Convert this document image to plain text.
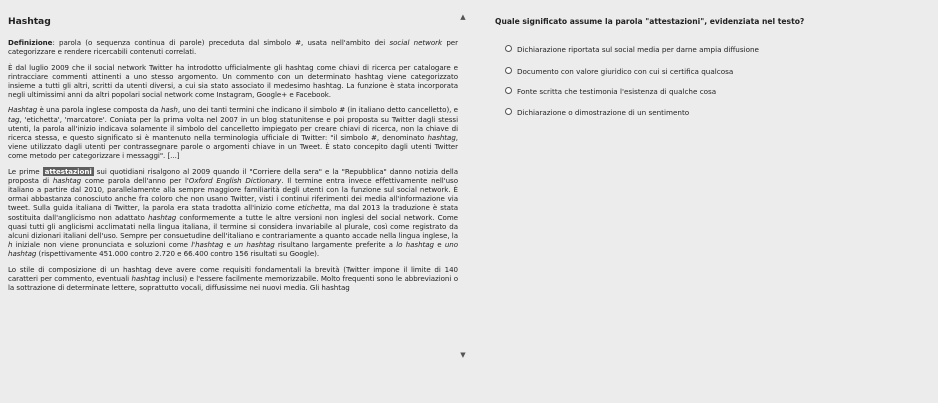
Hashtag
Definizione: parola (o sequenza continua di parole) preceduta dal simbolo #, usata nell'ambito dei social network per categorizzare e rendere ricercabili contenuti correlati.
È dal luglio 2009 che il social network Twitter ha introdotto ufficialmente gli hashtag come chiavi di ricerca per catalogare e rintracciare commenti attinenti a uno stesso argomento. Un commento con un determinato hashtag viene categorizzato insieme a tutti gli altri, scritti da utenti diversi, a cui sia stato associato il medesimo hashtag. La funzione è stata incorporata negli ultimissimi anni da altri popolari social network come Instagram, Google+ e Facebook.
Hashtag è una parola inglese composta da hash, uno dei tanti termini che indicano il simbolo # (in italiano detto cancelletto), e tag, 'etichetta', 'marcatore'. Coniata per la prima volta nel 2007 in un blog statunitense e poi proposta su Twitter dagli stessi utenti, la parola all'inizio indicava solamente il simbolo del cancelletto impiegato per creare chiavi di ricerca, non la chiave di ricerca stessa, e questo significato si è mantenuto nella terminologia ufficiale di Twitter: "il simbolo #, denominato hashtag, viene utilizzato dagli utenti per contrassegnare parole o argomenti chiave in un Tweet. È stato concepito dagli utenti Twitter come metodo per categorizzare i messaggi". [...]
Le prime attestazioni sui quotidiani risalgono al 2009 quando il "Corriere della sera" e la "Repubblica" danno notizia della proposta di hashtag come parola dell'anno per l'Oxford English Dictionary. Il termine entra invece effettivamente nell'uso italiano a partire dal 2010, parallelamente alla sempre maggiore familiarità degli utenti con la funzione sul social network. È ormai abbastanza conosciuto anche fra coloro che non usano Twitter, visti i continui riferimenti dei media all'informazione via tweet. Sulla guida italiana di Twitter, la parola era stata tradotta all'inizio come etichetta, ma dal 2013 la traduzione è stata sostituita dall'anglicismo non adattato hashtag conformemente a tutte le altre versioni non inglesi del social network. Come quasi tutti gli anglicismi acclimatati nella lingua italiana, il termine si considera invariabile al plurale, così come registrato da alcuni dizionari italiani dell'uso. Sempre per consuetudine dell'italiano e contrariamente a quanto accade nella lingua inglese, la h iniziale non viene pronunciata e soluzioni come l'hashtag e un hashtag risultano largamente preferite a lo hashtag e uno hashtag (rispettivamente 451.000 contro 2.720 e 66.400 contro 156 risultati su Google).
Lo stile di composizione di un hashtag deve avere come requisiti fondamentali la brevità (Twitter impone il limite di 140 caratteri per commento, eventuali hashtag inclusi) e l'essere facilmente memorizzabile. Molto frequenti sono le abbreviazioni o la sottrazione di determinate lettere, soprattutto vocali, diffusissime nei nuovi media. Gli hashtag
▲
▼
Quale significato assume la parola "attestazioni", evidenziata nel testo?
Dichiarazione riportata sul social media per darne ampia diffusione
Documento con valore giuridico con cui si certifica qualcosa
Fonte scritta che testimonia l'esistenza di qualche cosa
Dichiarazione o dimostrazione di un sentimento
